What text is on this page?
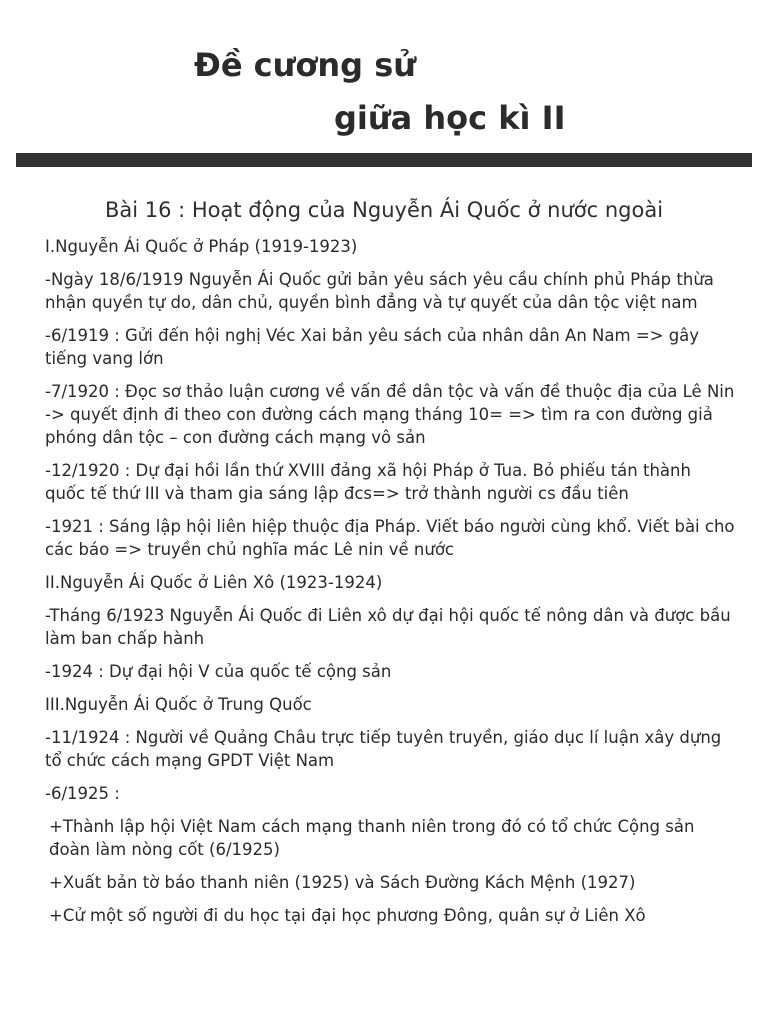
Đề cương sử
giữa học kì II
Bài 16 : Hoạt động của Nguyễn Ái Quốc ở nước ngoài

I.Nguyễn Ái Quốc ở Pháp (1919-1923)

-Ngày 18/6/1919 Nguyễn Ái Quốc gửi bản yêu sách yêu cầu chính phủ Pháp thừa nhận quyền tự do, dân chủ, quyền bình đẳng và tự quyết của dân tộc việt nam

-6/1919 : Gửi đến hội nghị Véc Xai bản yêu sách của nhân dân An Nam => gây tiếng vang lớn

-7/1920 : Đọc sơ thảo luận cương về vấn đề dân tộc và vấn đề thuộc địa của Lê Nin -> quyết định đi theo con đường cách mạng tháng 10= => tìm ra con đường giả phóng dân tộc – con đường cách mạng vô sản

-12/1920 : Dự đại hồi lần thứ XVIII đảng xã hội Pháp ở Tua. Bỏ phiếu tán thành quốc tế thứ III và tham gia sáng lập đcs=> trở thành người cs đầu tiên

-1921 : Sáng lập hội liên hiệp thuộc địa Pháp. Viết báo người cùng khổ. Viết bài cho các báo => truyền chủ nghĩa mác Lê nin về nước

II.Nguyễn Ái Quốc ở Liên Xô (1923-1924)

-Tháng 6/1923 Nguyễn Ái Quốc đi Liên xô dự đại hội quốc tế nông dân và được bầu làm ban chấp hành

-1924 : Dự đại hội V của quốc tế cộng sản

III.Nguyễn Ái Quốc ở Trung Quốc

-11/1924 : Người về Quảng Châu trực tiếp tuyên truyền, giáo dục lí luận xây dựng tổ chức cách mạng GPDT Việt Nam

-6/1925 :

+Thành lập hội Việt Nam cách mạng thanh niên trong đó có tổ chức Cộng sản đoàn làm nòng cốt (6/1925)

+Xuất bản tờ báo thanh niên (1925) và Sách Đường Kách Mệnh (1927)

+Cử một số người đi du học tại đại học phương Đông, quân sự ở Liên Xô
